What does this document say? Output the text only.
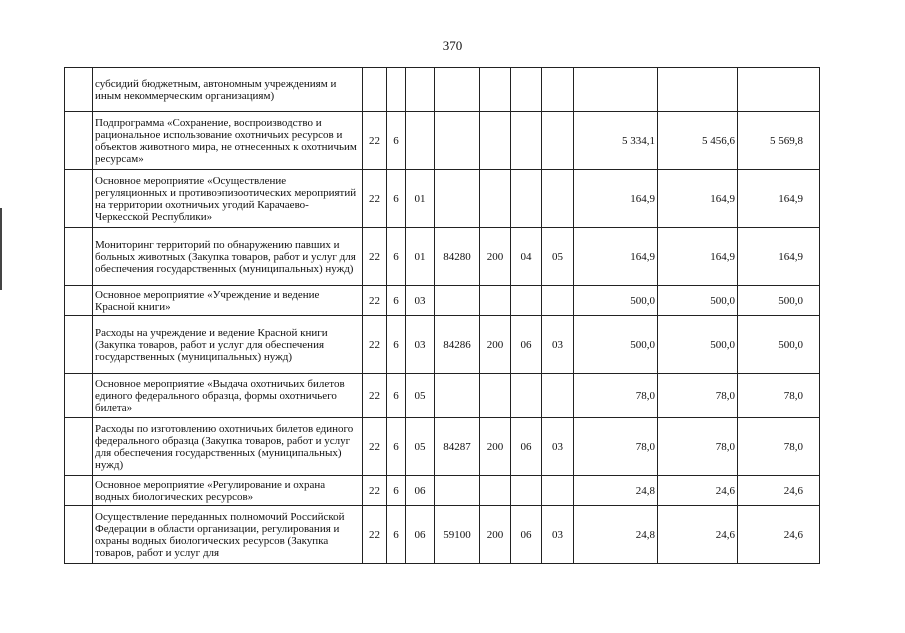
370
	субсидий бюджетным, автономным учреждениям и иным некоммерческим организациям)										
	Подпрограмма «Сохранение, воспроизводство и рациональное использование охотничьих ресурсов и объектов животного мира, не отнесенных к охотничьим ресурсам»	22	6						5 334,1	5 456,6	5 569,8
	Основное мероприятие «Осуществление регуляционных и противоэпизоотических мероприятий на территории охотничьих угодий Карачаево-Черкесской Республики»	22	6	01					164,9	164,9	164,9
	Мониторинг территорий по обнаружению павших и больных животных (Закупка товаров, работ и услуг для обеспечения государственных (муниципальных) нужд)	22	6	01	84280	200	04	05	164,9	164,9	164,9
	Основное мероприятие «Учреждение и ведение Красной книги»	22	6	03					500,0	500,0	500,0
	Расходы на учреждение и ведение Красной книги (Закупка товаров, работ и услуг для обеспечения государственных (муниципальных) нужд)	22	6	03	84286	200	06	03	500,0	500,0	500,0
	Основное мероприятие «Выдача охотничьих билетов единого федерального образца, формы охотничьего билета»	22	6	05					78,0	78,0	78,0
	Расходы по изготовлению охотничьих билетов единого федерального образца (Закупка товаров, работ и услуг для обеспечения государственных (муниципальных) нужд)	22	6	05	84287	200	06	03	78,0	78,0	78,0
	Основное мероприятие «Регулирование и охрана водных биологических ресурсов»	22	6	06					24,8	24,6	24,6
	Осуществление переданных полномочий Российской Федерации в области организации, регулирования и охраны водных биологических ресурсов (Закупка товаров, работ и услуг для	22	6	06	59100	200	06	03	24,8	24,6	24,6
